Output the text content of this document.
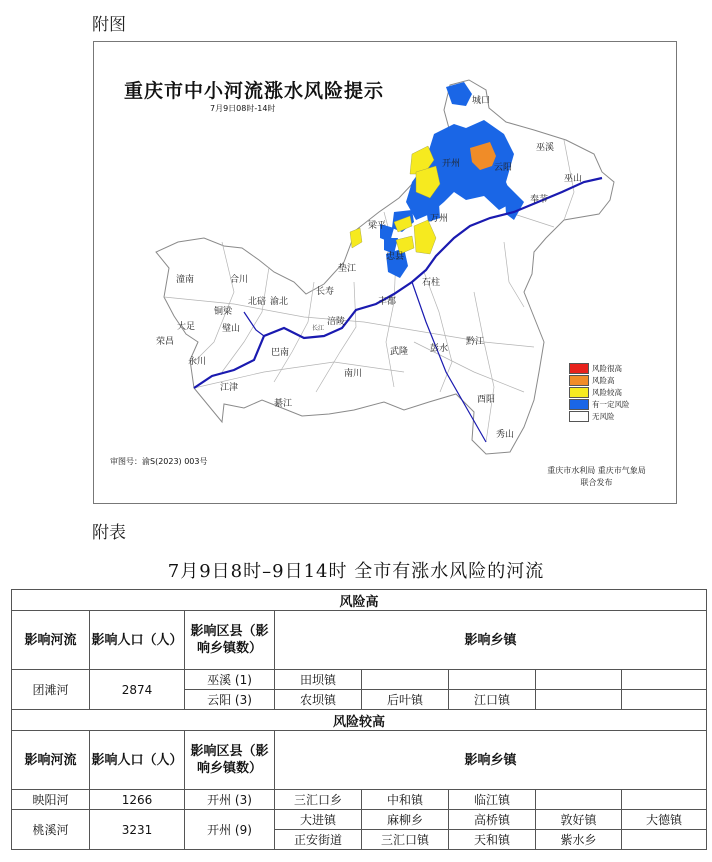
附图
城口
巫溪
开州	云阳
巫山
奉节
万州
梁平
垫江
忠县
石柱
长寿
丰都
潼南	合川
铜梁
北碚 渝北
大足	璧山
永川
荣昌
巴南
涪陵
江津
綦江
南川
武隆 彭水
黔江
酉阳
秀山
长江
重庆市中小河流涨水风险提示
7月9日08时-14时
风险很高
风险高
风险较高
有一定风险
无风险
审图号：渝S(2023) 003号
重庆市水利局 重庆市气象局
联合发布
附表
7月9日8时–9日14时 全市有涨水风险的河流
风险高							
影响河流	影响人口（人）	影响区县（影响乡镇数）	影响乡镇				
团滩河	2874	巫溪 (1)	田坝镇				
		云阳 (3)	农坝镇	后叶镇	江口镇		
风险较高							
影响河流	影响人口（人）	影响区县（影响乡镇数）	影响乡镇				
映阳河	1266	开州 (3)	三汇口乡	中和镇	临江镇		
桃溪河	3231	开州 (9)	大进镇	麻柳乡	高桥镇	敦好镇	大德镇
			正安街道	三汇口镇	天和镇	紫水乡	
